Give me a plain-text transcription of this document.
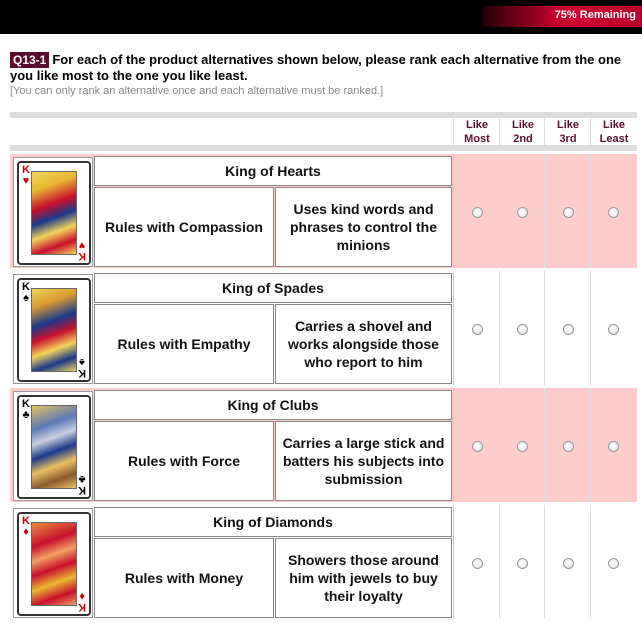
75% Remaining
Q13-1 For each of the product alternatives shown below, please rank each alternative from the one you like most to the one you like least.
[You can only rank an alternative once and each alternative must be ranked.]
Like
Most
Like
2nd
Like
3rd
Like
Least
K
♥
K
♥
King of Hearts
Rules with Compassion
Uses kind words and phrases to control the minions
K
♠
K
♠
King of Spades
Rules with Empathy
Carries a shovel and works alongside those who report to him
K
♣
K
♣
King of Clubs
Rules with Force
Carries a large stick and batters his subjects into submission
K
♦
K
♦
King of Diamonds
Rules with Money
Showers those around him with jewels to buy their loyalty
